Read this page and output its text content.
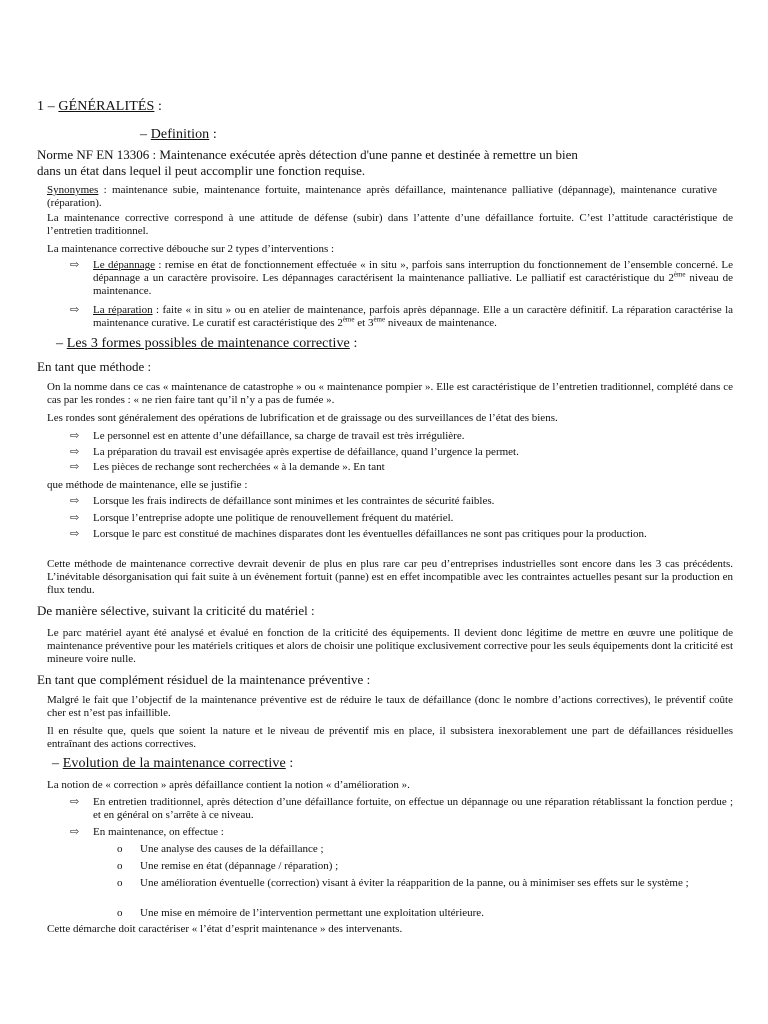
1 – GÉNÉRALITÉS :
– Definition :
Norme NF EN 13306 : Maintenance exécutée après détection d'une panne et destinée à remettre un bien
dans un état dans lequel il peut accomplir une fonction requise.
Synonymes : maintenance subie, maintenance fortuite, maintenance après défaillance, maintenance palliative (dépannage), maintenance curative (réparation).
La maintenance corrective correspond à une attitude de défense (subir) dans l’attente d’une défaillance fortuite. C’est l’attitude caractéristique de l’entretien traditionnel.
La maintenance corrective débouche sur 2 types d’interventions :
⇨ Le dépannage : remise en état de fonctionnement effectuée « in situ », parfois sans interruption du fonctionnement de l’ensemble concerné. Le dépannage a un caractère provisoire. Les dépannages caractérisent la maintenance palliative. Le palliatif est caractéristique du 2ème niveau de maintenance.
⇨ La réparation : faite « in situ » ou en atelier de maintenance, parfois après dépannage. Elle a un caractère définitif. La réparation caractérise la maintenance curative. Le curatif est caractéristique des 2ème et 3ème niveaux de maintenance.
– Les 3 formes possibles de maintenance corrective :
En tant que méthode :
On la nomme dans ce cas « maintenance de catastrophe » ou « maintenance pompier ». Elle est caractéristique de l’entretien traditionnel, complété dans ce cas par les rondes : « ne rien faire tant qu’il n’y a pas de fumée ».
Les rondes sont généralement des opérations de lubrification et de graissage ou des surveillances de l’état des biens.
⇨ Le personnel est en attente d’une défaillance, sa charge de travail est très irrégulière.
⇨ La préparation du travail est envisagée après expertise de défaillance, quand l’urgence la permet.
⇨ Les pièces de rechange sont recherchées « à la demande ». En tant
que méthode de maintenance, elle se justifie :
⇨ Lorsque les frais indirects de défaillance sont minimes et les contraintes de sécurité faibles.
⇨ Lorsque l’entreprise adopte une politique de renouvellement fréquent du matériel.
⇨ Lorsque le parc est constitué de machines disparates dont les éventuelles défaillances ne sont pas critiques pour la production.
Cette méthode de maintenance corrective devrait devenir de plus en plus rare car peu d’entreprises industrielles sont encore dans les 3 cas précédents. L’inévitable désorganisation qui fait suite à un évènement fortuit (panne) est en effet incompatible avec les contraintes actuelles pesant sur la production en flux tendu.
De manière sélective, suivant la criticité du matériel :
Le parc matériel ayant été analysé et évalué en fonction de la criticité des équipements. Il devient donc légitime de mettre en œuvre une politique de maintenance préventive pour les matériels critiques et alors de choisir une politique exclusivement corrective pour les seuls équipements dont la criticité est mineure voire nulle.
En tant que complément résiduel de la maintenance préventive :
Malgré le fait que l’objectif de la maintenance préventive est de réduire le taux de défaillance (donc le nombre d’actions correctives), le préventif coûte cher est n’est pas infaillible.
Il en résulte que, quels que soient la nature et le niveau de préventif mis en place, il subsistera inexorablement une part de défaillances résiduelles entraînant des actions correctives.
– Evolution de la maintenance corrective :
La notion de « correction » après défaillance contient la notion « d’amélioration ».
⇨ En entretien traditionnel, après détection d’une défaillance fortuite, on effectue un dépannage ou une réparation rétablissant la fonction perdue ; et en général on s’arrête à ce niveau.
⇨ En maintenance, on effectue :
o Une analyse des causes de la défaillance ;
o Une remise en état (dépannage / réparation) ;
o Une amélioration éventuelle (correction) visant à éviter la réapparition de la panne, ou à minimiser ses effets sur le système ;
o Une mise en mémoire de l’intervention permettant une exploitation ultérieure.
Cette démarche doit caractériser « l’état d’esprit maintenance » des intervenants.
